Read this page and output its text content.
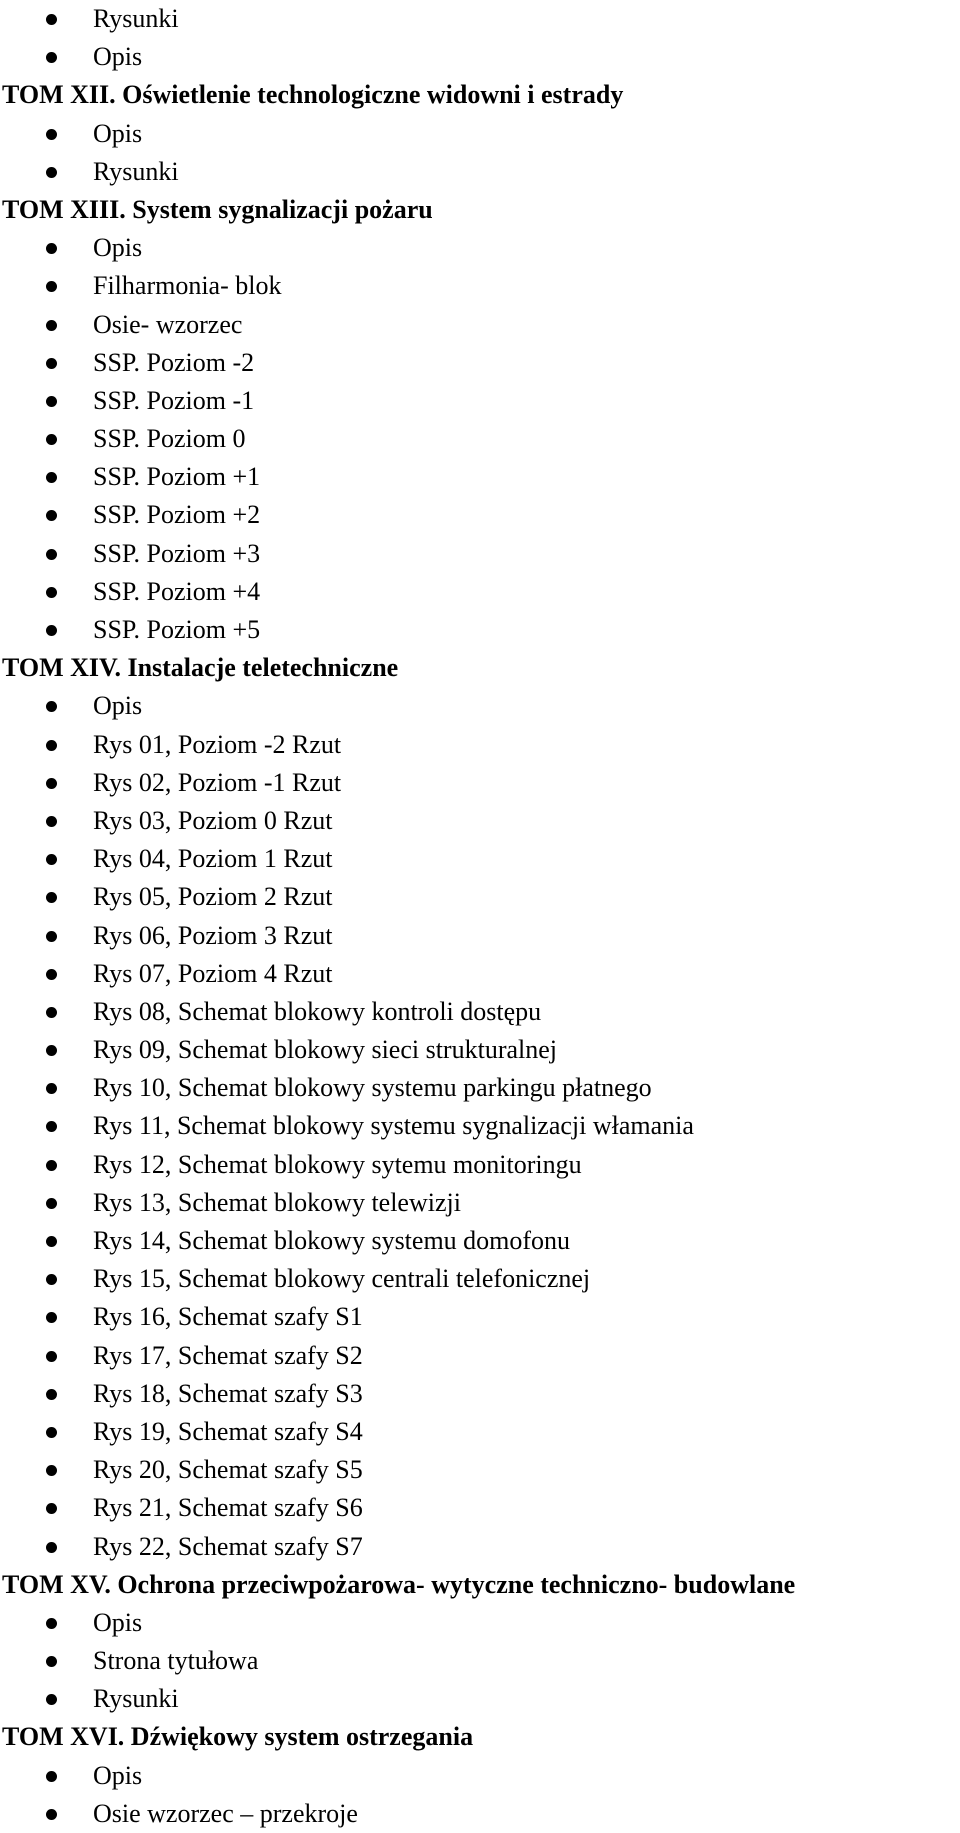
Rysunki
Opis
TOM XII. Oświetlenie technologiczne widowni i estrady
Opis
Rysunki
TOM XIII. System sygnalizacji pożaru
Opis
Filharmonia- blok
Osie- wzorzec
SSP. Poziom -2
SSP. Poziom -1
SSP. Poziom 0
SSP. Poziom +1
SSP. Poziom +2
SSP. Poziom +3
SSP. Poziom +4
SSP. Poziom +5
TOM XIV. Instalacje teletechniczne
Opis
Rys 01, Poziom -2 Rzut
Rys 02, Poziom -1 Rzut
Rys 03, Poziom 0 Rzut
Rys 04, Poziom 1 Rzut
Rys 05, Poziom 2 Rzut
Rys 06, Poziom 3 Rzut
Rys 07, Poziom 4 Rzut
Rys 08, Schemat blokowy kontroli dostępu
Rys 09, Schemat blokowy sieci strukturalnej
Rys 10, Schemat blokowy systemu parkingu płatnego
Rys 11, Schemat blokowy systemu sygnalizacji włamania
Rys 12, Schemat blokowy sytemu monitoringu
Rys 13, Schemat blokowy telewizji
Rys 14, Schemat blokowy systemu domofonu
Rys 15, Schemat blokowy centrali telefonicznej
Rys 16, Schemat szafy S1
Rys 17, Schemat szafy S2
Rys 18, Schemat szafy S3
Rys 19, Schemat szafy S4
Rys 20, Schemat szafy S5
Rys 21, Schemat szafy S6
Rys 22, Schemat szafy S7
TOM XV. Ochrona przeciwpożarowa- wytyczne techniczno- budowlane
Opis
Strona tytułowa
Rysunki
TOM XVI. Dźwiękowy system ostrzegania
Opis
Osie wzorzec – przekroje
